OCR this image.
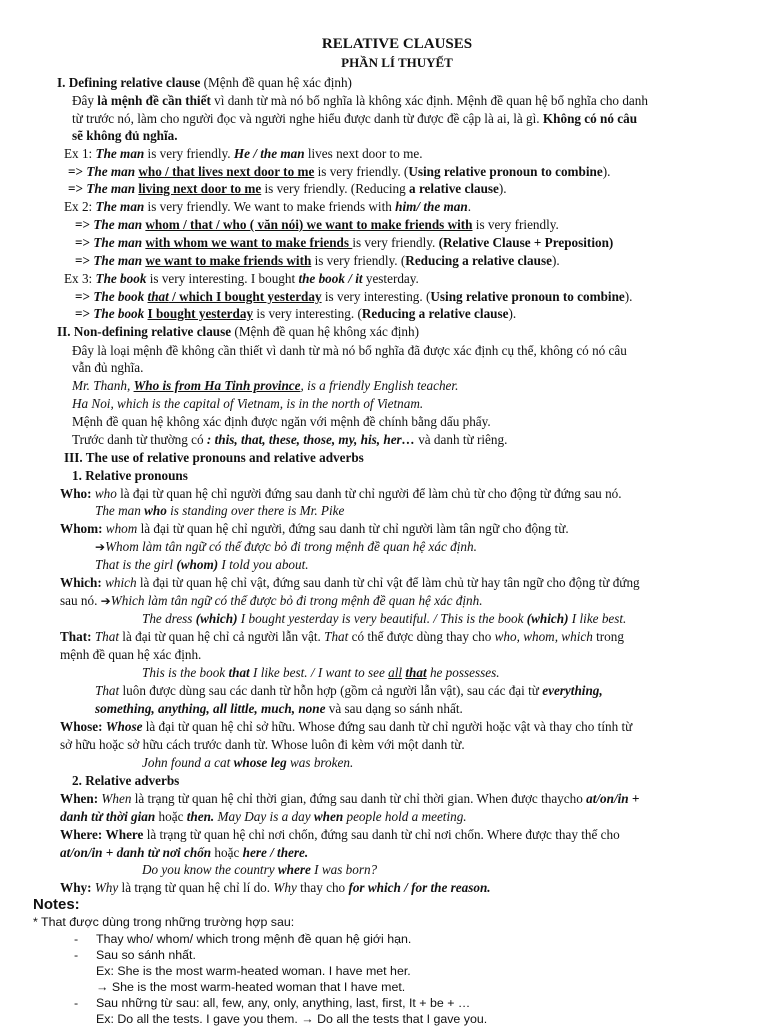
RELATIVE CLAUSES
PHẦN LÍ THUYẾT
I. Defining relative clause (Mệnh đề quan hệ xác định)
Đây là mệnh đề cần thiết vì danh từ mà nó bổ nghĩa là không xác định. Mệnh đề quan hệ bổ nghĩa cho danh
từ trước nó, làm cho người đọc và người nghe hiểu được danh từ được đề cập là ai, là gì. Không có nó câu
sẽ không đủ nghĩa.
Ex 1: The man is very friendly. He / the man lives next door to me.
=> The man who / that lives next door to me is very friendly. (Using relative pronoun to combine).
=> The man living next door to me is very friendly. (Reducing a relative clause).
Ex 2: The man is very friendly. We want to make friends with him/ the man.
=> The man whom / that / who ( văn nói) we want to make friends with is very friendly.
=> The man with whom we want to make friends is very friendly. (Relative Clause + Preposition)
=> The man we want to make friends with is very friendly. (Reducing a relative clause).
Ex 3: The book is very interesting. I bought the book / it yesterday.
=> The book that / which I bought yesterday is very interesting. (Using relative pronoun to combine).
=> The book I bought yesterday is very interesting. (Reducing a relative clause).
II. Non-defining relative clause (Mệnh đề quan hệ không xác định)
Đây là loại mệnh đề không cần thiết vì danh từ mà nó bổ nghĩa đã được xác định cụ thể, không có nó câu
vẫn đủ nghĩa.
Mr. Thanh, Who is from Ha Tinh province, is a friendly English teacher.
Ha Noi, which is the capital of Vietnam, is in the north of Vietnam.
Mệnh đề quan hệ không xác định được ngăn với mệnh đề chính bằng dấu phẩy.
Trước danh từ thường có : this, that, these, those, my, his, her… và danh từ riêng.
III. The use of relative pronouns and relative adverbs
1. Relative pronouns
Who: who là đại từ quan hệ chỉ người đứng sau danh từ chỉ người để làm chủ từ cho động từ đứng sau nó.
The man who is standing over there is Mr. Pike
Whom: whom là đại từ quan hệ chỉ người, đứng sau danh từ chỉ người làm tân ngữ cho động từ.
➔Whom làm tân ngữ có thể được bỏ đi trong mệnh đề quan hệ xác định.
That is the girl (whom) I told you about.
Which: which là đại từ quan hệ chỉ vật, đứng sau danh từ chỉ vật để làm chủ từ hay tân ngữ cho động từ đứng
sau nó. ➔Which làm tân ngữ có thể được bỏ đi trong mệnh đề quan hệ xác định.
The dress (which) I bought yesterday is very beautiful. / This is the book (which) I like best.
That: That là đại từ quan hệ chỉ cả người lẫn vật. That có thể được dùng thay cho who, whom, which trong
mệnh đề quan hệ xác định.
This is the book that I like best. / I want to see all that he possesses.
That luôn được dùng sau các danh từ hỗn hợp (gồm cả người lẫn vật), sau các đại từ everything,
something, anything, all little, much, none và sau dạng so sánh nhất.
Whose: Whose là đại từ quan hệ chỉ sở hữu. Whose đứng sau danh từ chỉ người hoặc vật và thay cho tính từ
sở hữu hoặc sở hữu cách trước danh từ. Whose luôn đi kèm với một danh từ.
John found a cat whose leg was broken.
2. Relative adverbs
When: When là trạng từ quan hệ chỉ thời gian, đứng sau danh từ chỉ thời gian. When được thaycho at/on/in +
danh từ thời gian hoặc then. May Day is a day when people hold a meeting.
Where: Where là trạng từ quan hệ chỉ nơi chốn, đứng sau danh từ chỉ nơi chốn. Where được thay thế cho
at/on/in + danh từ nơi chốn hoặc here / there.
Do you know the country where I was born?
Why: Why là trạng từ quan hệ chỉ lí do. Why thay cho for which / for the reason.
Notes:
* That được dùng trong những trường hợp sau:
- Thay who/ whom/ which trong mệnh đề quan hệ giới hạn.
- Sau so sánh nhất.
Ex: She is the most warm-heated woman. I have met her.
→ She is the most warm-heated woman that I have met.
- Sau những từ sau: all, few, any, only, anything, last, first, It + be + …
Ex: Do all the tests. I gave you them. → Do all the tests that I gave you.
